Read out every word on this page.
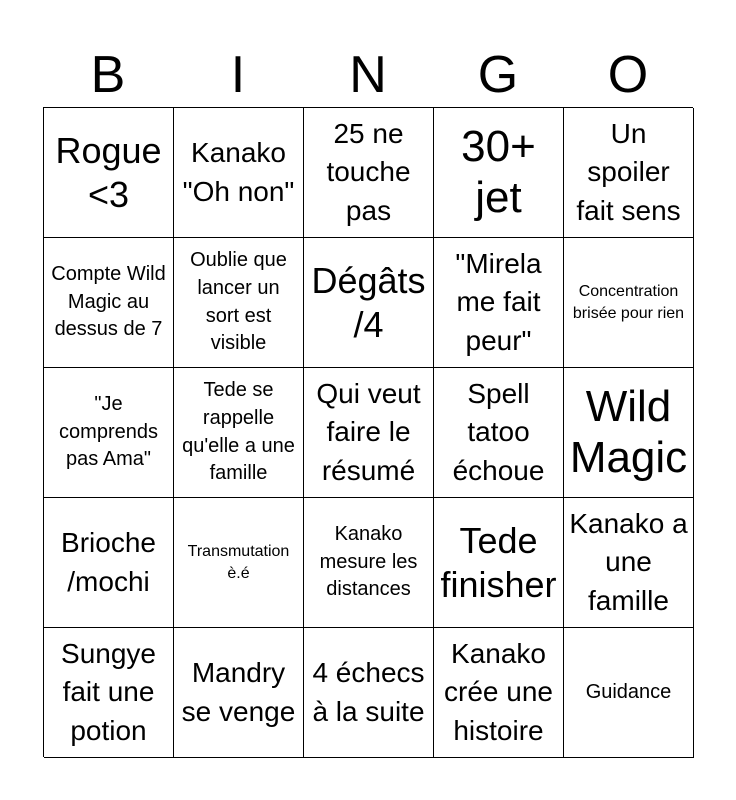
B	I	N	G	O
Rogue <3
Kanako "Oh non"
25 ne touche pas
30+ jet
Un spoiler fait sens
Compte Wild Magic au dessus de 7
Oublie que lancer un sort est visible
Dégâts /4
"Mirela me fait peur"
Concentration brisée pour rien
"Je comprends pas Ama"
Tede se rappelle qu'elle a une famille
Qui veut faire le résumé
Spell tatoo échoue
Wild Magic
Brioche /mochi
Transmutation è.é
Kanako mesure les distances
Tede finisher
Kanako a une famille
Sungye fait une potion
Mandry se venge
4 échecs à la suite
Kanako crée une histoire
Guidance
